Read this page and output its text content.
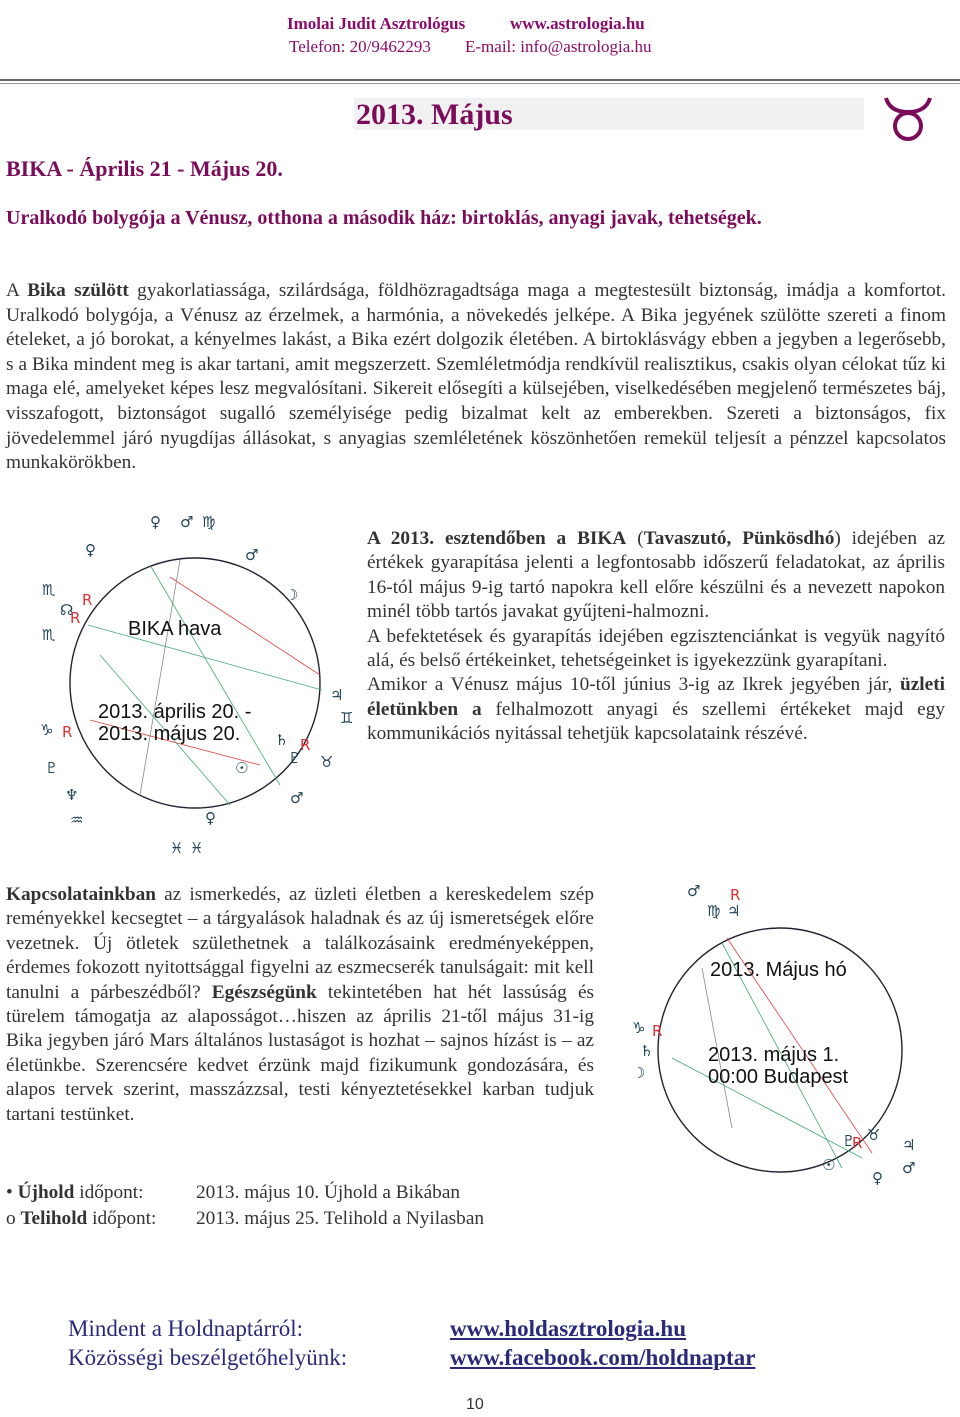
Imolai Judit Asztrológus	www.astrologia.hu
Telefon: 20/9462293 E-mail: info@astrologia.hu
2013. Május
BIKA - Április 21 - Május 20.
Uralkodó bolygója a Vénusz, otthona a második ház: birtoklás, anyagi javak, tehetségek.
A Bika szülött gyakorlatiassága, szilárdsága, földhözragadtsága maga a megtestesült biztonság, imádja a komfortot. Uralkodó bolygója, a Vénusz az érzelmek, a harmónia, a növekedés jelképe. A Bika jegyének szülötte szereti a finom ételeket, a jó borokat, a kényelmes lakást, a Bika ezért dolgozik életében. A birtoklásvágy ebben a jegyben a legerősebb, s a Bika mindent meg is akar tartani, amit megszerzett. Szemléletmódja rendkívül realisztikus, csakis olyan célokat tűz ki maga elé, amelyeket képes lesz megvalósítani. Sikereit elősegíti a külsejében, viselkedésében megjelenő természetes báj, visszafogott, biztonságot sugalló személyisége pedig bizalmat kelt az emberekben. Szereti a biztonságos, fix jövedelemmel járó nyugdíjas állásokat, s anyagias szemléletének köszönhetően remekül teljesít a pénzzel kapcsolatos munkakörökben.
♀ ♂ ♍
♀	♂
☽
♏
☊
♏
♃
♊
♑
♄
♉
♇
♇	☉
♂
♆
♀
♒
♓ ♓
R
R
R
R
BIKA hava
2013. április 20. -
2013. május 20.
A 2013. esztendőben a BIKA (Tavaszutó, Pünkösdhó) idejében az értékek gyarapítása jelenti a legfontosabb időszerű feladatokat, az április 16-tól május 9-ig tartó napokra kell előre készülni és a nevezett napokon minél több tartós javakat gyűjteni-halmozni.
A befektetések és gyarapítás idejében egzisztenciánkat is vegyük nagyító alá, és belső értékeinket, tehetségeinket is igyekezzünk gyarapítani.
Amikor a Vénusz május 10-től június 3-ig az Ikrek jegyében jár, üzleti életünkben a felhalmozott anyagi és szellemi értékeket majd egy kommunikációs nyitással tehetjük kapcsolataink részévé.
Kapcsolatainkban az ismerkedés, az üzleti életben a kereskedelem szép reményekkel kecsegtet – a tárgyalások haladnak és az új ismeretségek előre vezetnek. Új ötletek születhetnek a találkozásaink eredményeképpen, érdemes fokozott nyitottsággal figyelni az eszmecserék tanulságait: mit kell tanulni a párbeszédből? Egészségünk tekintetében hat hét lassúság és türelem támogatja az alaposságot…hiszen az április 21-től május 31-ig Bika jegyben járó Mars általános lustaságot is hozhat – sajnos hízást is – az életünkbe. Szerencsére kedvet érzünk majd fizikumunk gondozására, és alapos tervek szerint, masszázzsal, testi kényeztetésekkel karban tudjuk tartani testünket.
♂
♍ ♃
♑
♄
☽
♇ ♉
♃
☉	♂
♀
R
R
R
2013. Május hó
2013. május 1.
00:00 Budapest
• Újhold időpont:	2013. május 10. Újhold a Bikában
o Telihold időpont: 2013. május 25. Telihold a Nyilasban
Mindent a Holdnaptárról:	www.holdasztrologia.hu
Közösségi beszélgetőhelyünk:	www.facebook.com/holdnaptar
10
